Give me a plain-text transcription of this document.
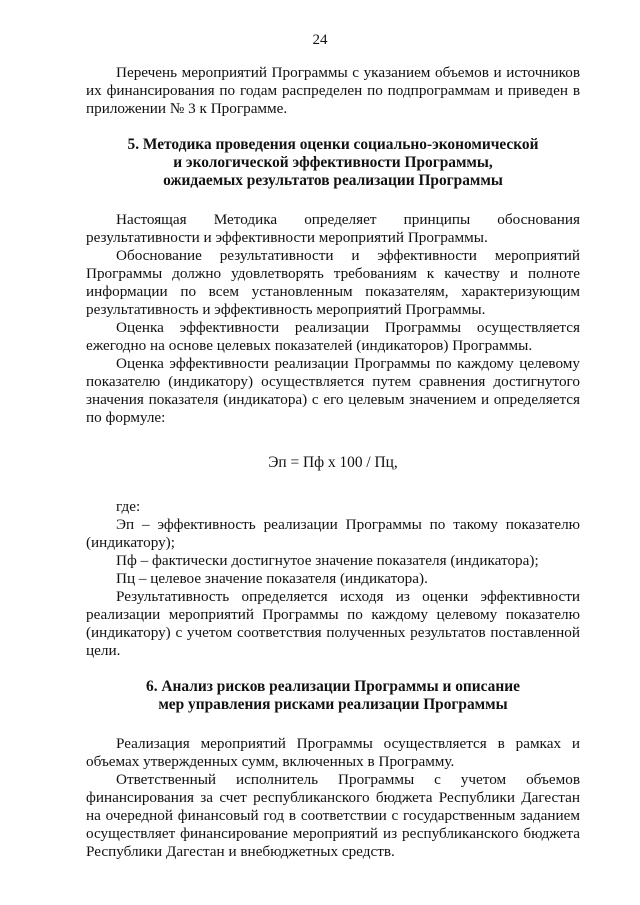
24

Перечень мероприятий Программы с указанием объемов и источников их финансирования по годам распределен по подпрограммам и приведен в приложении № 3 к Программе.

5. Методика проведения оценки социально-экономической
и экологической эффективности Программы,
ожидаемых результатов реализации Программы

Настоящая Методика определяет принципы обоснования результативности и эффективности мероприятий Программы.

Обоснование результативности и эффективности мероприятий Программы должно удовлетворять требованиям к качеству и полноте информации по всем установленным показателям, характеризующим результативность и эффективность мероприятий Программы.

Оценка эффективности реализации Программы осуществляется ежегодно на основе целевых показателей (индикаторов) Программы.

Оценка эффективности реализации Программы по каждому целевому показателю (индикатору) осуществляется путем сравнения достигнутого значения показателя (индикатора) с его целевым значением и определяется по формуле:

Эп = Пф х 100 / Пц,

где:

Эп – эффективность реализации Программы по такому показателю (индикатору);

Пф – фактически достигнутое значение показателя (индикатора);

Пц – целевое значение показателя (индикатора).

Результативность определяется исходя из оценки эффективности реализации мероприятий Программы по каждому целевому показателю (индикатору) с учетом соответствия полученных результатов поставленной цели.

6. Анализ рисков реализации Программы и описание
мер управления рисками реализации Программы

Реализация мероприятий Программы осуществляется в рамках и объемах утвержденных сумм, включенных в Программу.

Ответственный исполнитель Программы с учетом объемов финансирования за счет республиканского бюджета Республики Дагестан на очередной финансовый год в соответствии с государственным заданием осуществляет финансирование мероприятий из республиканского бюджета Республики Дагестан и внебюджетных средств.
